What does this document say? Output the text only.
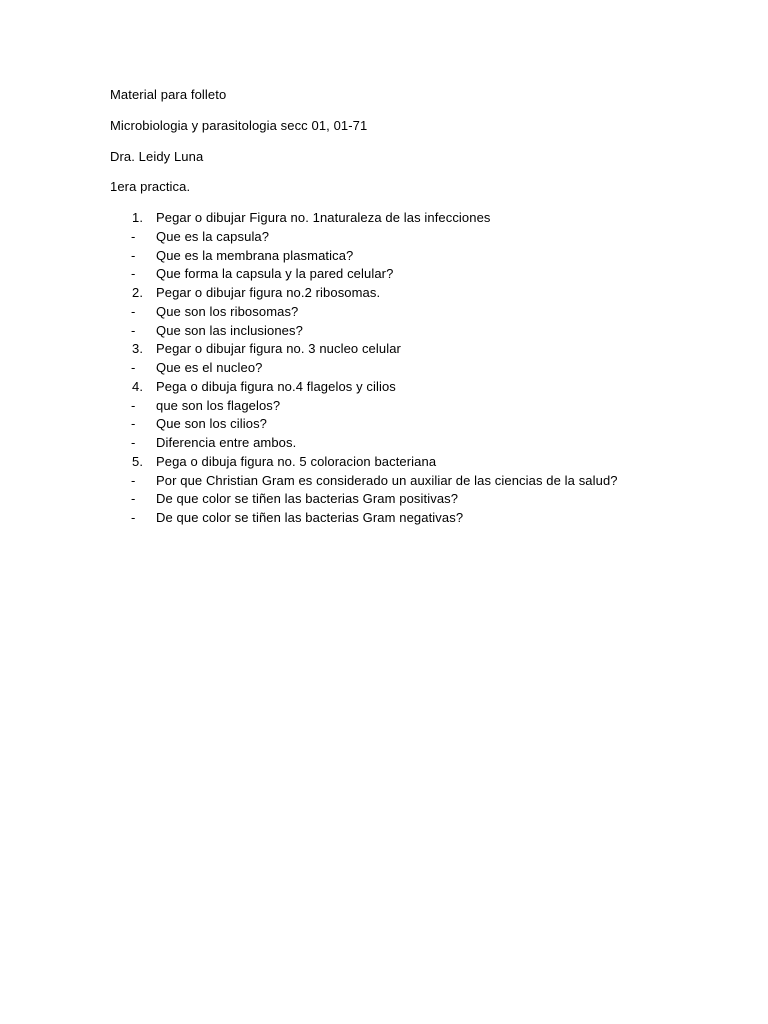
Material para folleto
Microbiologia y parasitologia secc 01, 01-71
Dra. Leidy Luna
1era practica.
1. Pegar o dibujar Figura no. 1naturaleza de las infecciones
- Que es la capsula?
- Que es la membrana plasmatica?
- Que forma la capsula y la pared celular?
2. Pegar o dibujar figura no.2 ribosomas.
- Que son los ribosomas?
- Que son las inclusiones?
3. Pegar o dibujar figura no. 3 nucleo celular
- Que es el nucleo?
4. Pega o dibuja figura no.4 flagelos y cilios
- que son los flagelos?
- Que son los cilios?
- Diferencia entre ambos.
5. Pega o dibuja figura no. 5 coloracion bacteriana
- Por que Christian Gram es considerado un auxiliar de las ciencias de la salud?
- De que color se tiñen las bacterias Gram positivas?
- De que color se tiñen las bacterias Gram negativas?
